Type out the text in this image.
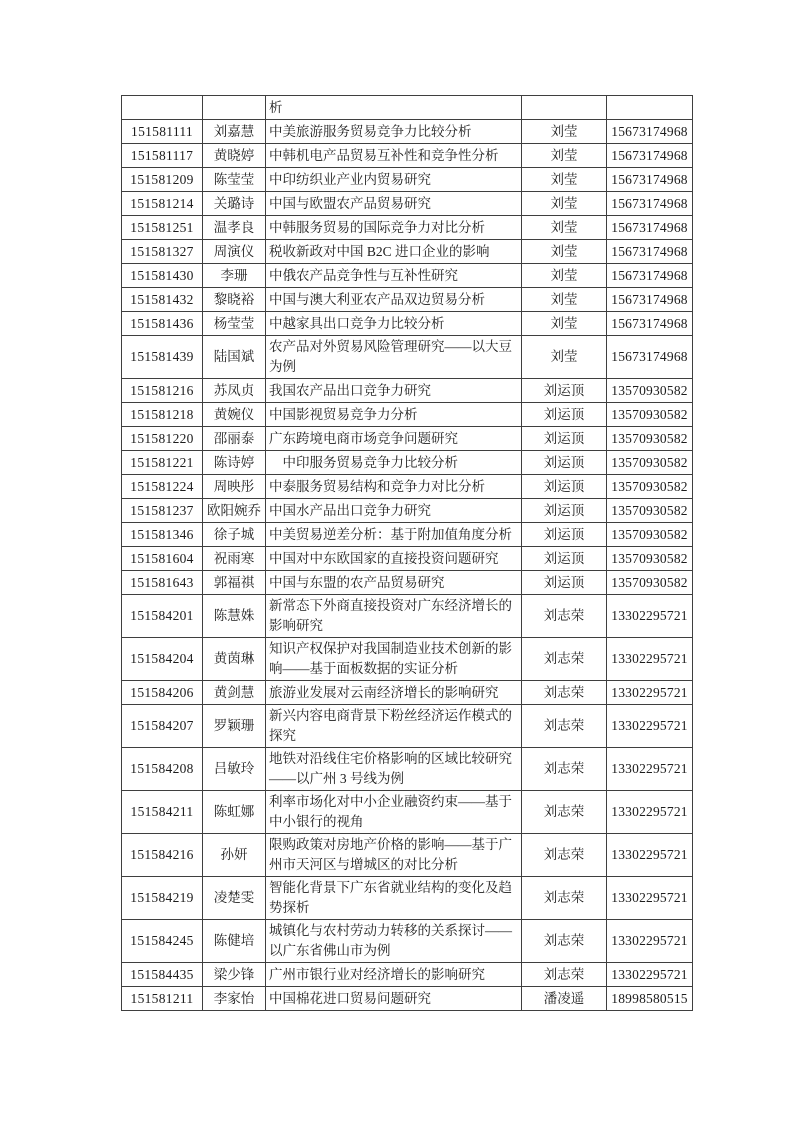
		析		
151581111	刘嘉慧	中美旅游服务贸易竞争力比较分析	刘莹	15673174968
151581117	黄晓婷	中韩机电产品贸易互补性和竞争性分析	刘莹	15673174968
151581209	陈莹莹	中印纺织业产业内贸易研究	刘莹	15673174968
151581214	关璐诗	中国与欧盟农产品贸易研究	刘莹	15673174968
151581251	温孝良	中韩服务贸易的国际竞争力对比分析	刘莹	15673174968
151581327	周演仪	税收新政对中国 B2C 进口企业的影响	刘莹	15673174968
151581430	李珊	中俄农产品竞争性与互补性研究	刘莹	15673174968
151581432	黎晓裕	中国与澳大利亚农产品双边贸易分析	刘莹	15673174968
151581436	杨莹莹	中越家具出口竞争力比较分析	刘莹	15673174968
151581439	陆国斌	农产品对外贸易风险管理研究——以大豆为例	刘莹	15673174968
151581216	苏凤贞	我国农产品出口竞争力研究	刘运顶	13570930582
151581218	黄婉仪	中国影视贸易竞争力分析	刘运顶	13570930582
151581220	邵丽泰	广东跨境电商市场竞争问题研究	刘运顶	13570930582
151581221	陈诗婷	　中印服务贸易竞争力比较分析	刘运顶	13570930582
151581224	周映彤	中泰服务贸易结构和竞争力对比分析	刘运顶	13570930582
151581237	欧阳婉乔	中国水产品出口竞争力研究	刘运顶	13570930582
151581346	徐子城	中美贸易逆差分析：基于附加值角度分析	刘运顶	13570930582
151581604	祝雨寒	中国对中东欧国家的直接投资问题研究	刘运顶	13570930582
151581643	郭福祺	中国与东盟的农产品贸易研究	刘运顶	13570930582
151584201	陈慧姝	新常态下外商直接投资对广东经济增长的影响研究	刘志荣	13302295721
151584204	黄茵琳	知识产权保护对我国制造业技术创新的影响——基于面板数据的实证分析	刘志荣	13302295721
151584206	黄剑慧	旅游业发展对云南经济增长的影响研究	刘志荣	13302295721
151584207	罗颖珊	新兴内容电商背景下粉丝经济运作模式的探究	刘志荣	13302295721
151584208	吕敏玲	地铁对沿线住宅价格影响的区域比较研究——以广州 3 号线为例	刘志荣	13302295721
151584211	陈虹娜	利率市场化对中小企业融资约束——基于中小银行的视角	刘志荣	13302295721
151584216	孙妍	限购政策对房地产价格的影响——基于广州市天河区与增城区的对比分析	刘志荣	13302295721
151584219	凌楚雯	智能化背景下广东省就业结构的变化及趋势探析	刘志荣	13302295721
151584245	陈健培	城镇化与农村劳动力转移的关系探讨——以广东省佛山市为例	刘志荣	13302295721
151584435	梁少锋	广州市银行业对经济增长的影响研究	刘志荣	13302295721
151581211	李家怡	中国棉花进口贸易问题研究	潘凌遥	18998580515
